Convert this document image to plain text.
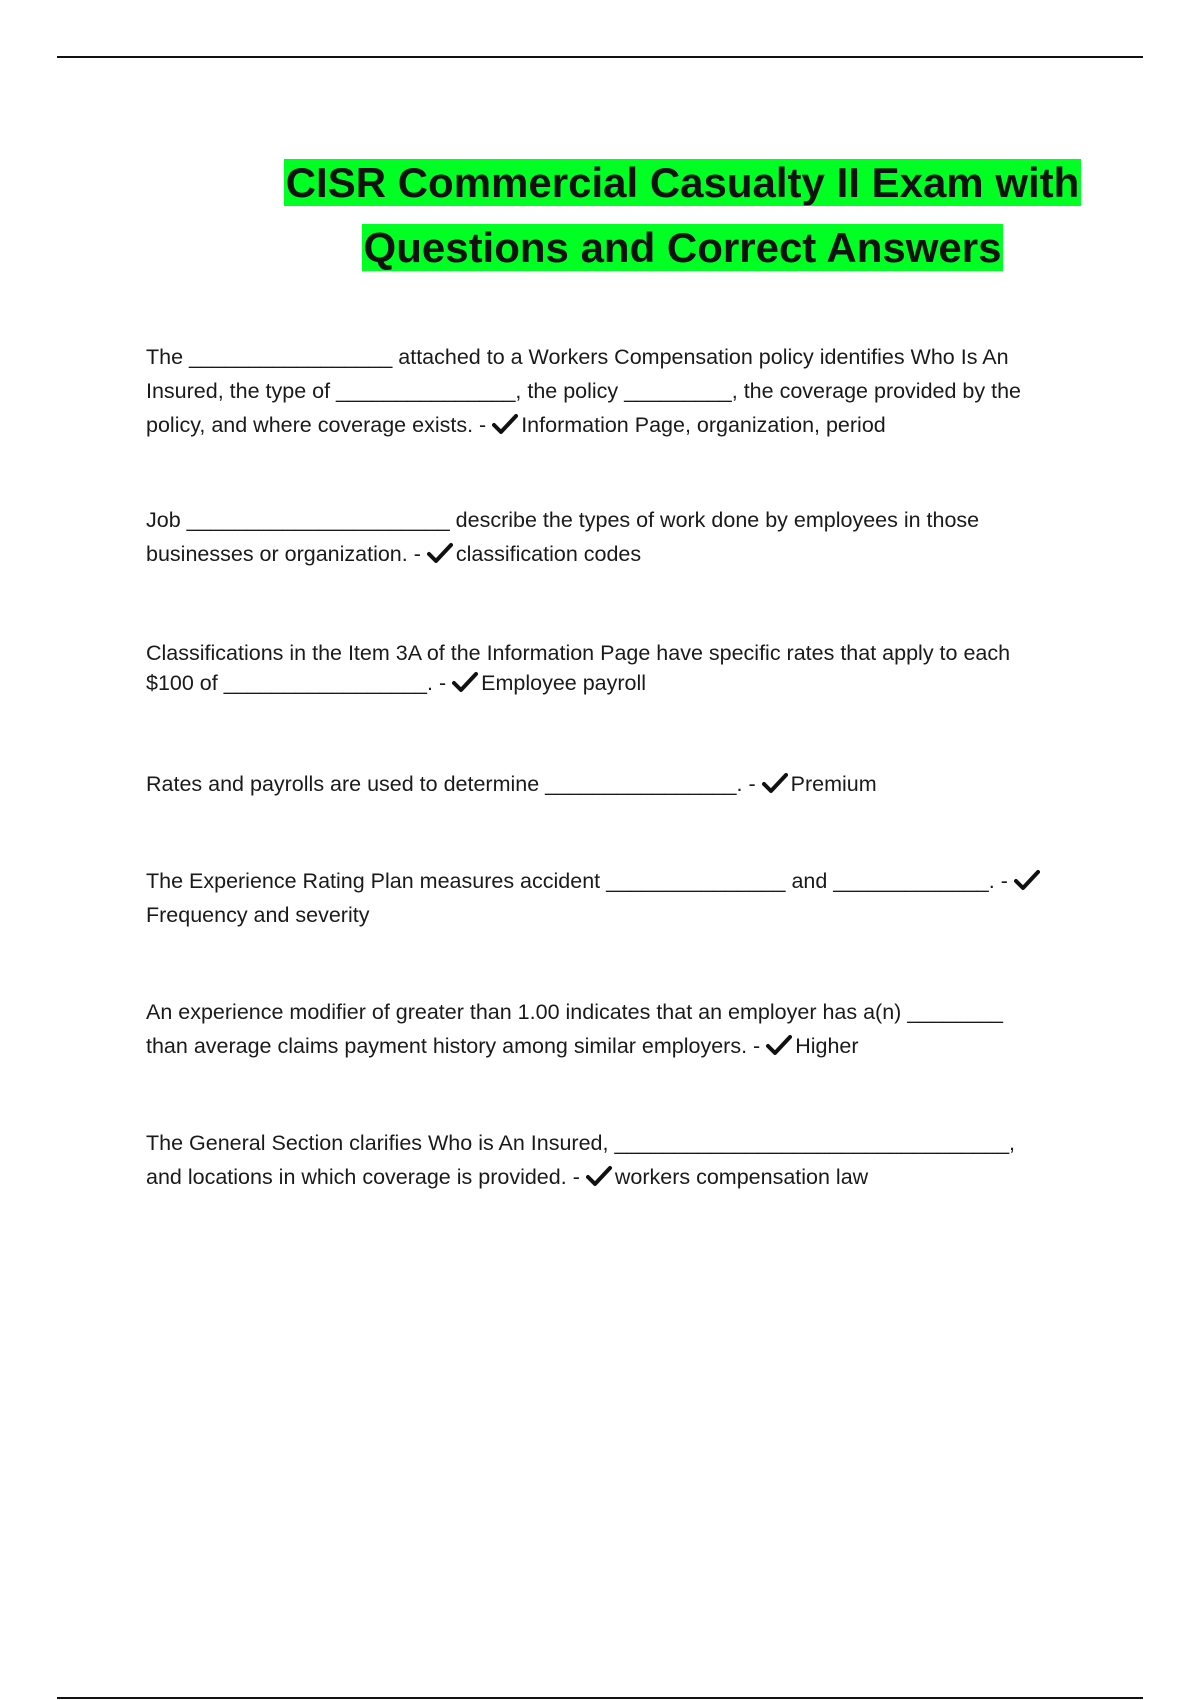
CISR Commercial Casualty II Exam with
Questions and Correct Answers
The _________________ attached to a Workers Compensation policy identifies Who Is An Insured, the type of _______________, the policy _________, the coverage provided by the policy, and where coverage exists. - Information Page, organization, period
Job ______________________ describe the types of work done by employees in those businesses or organization. - classification codes
Classifications in the Item 3A of the Information Page have specific rates that apply to each $100 of _________________. - Employee payroll
Rates and payrolls are used to determine ________________. - Premium
The Experience Rating Plan measures accident _______________ and _____________. -Frequency and severity
An experience modifier of greater than 1.00 indicates that an employer has a(n) ________ than average claims payment history among similar employers. - Higher
The General Section clarifies Who is An Insured, _________________________________, and locations in which coverage is provided. - workers compensation law
